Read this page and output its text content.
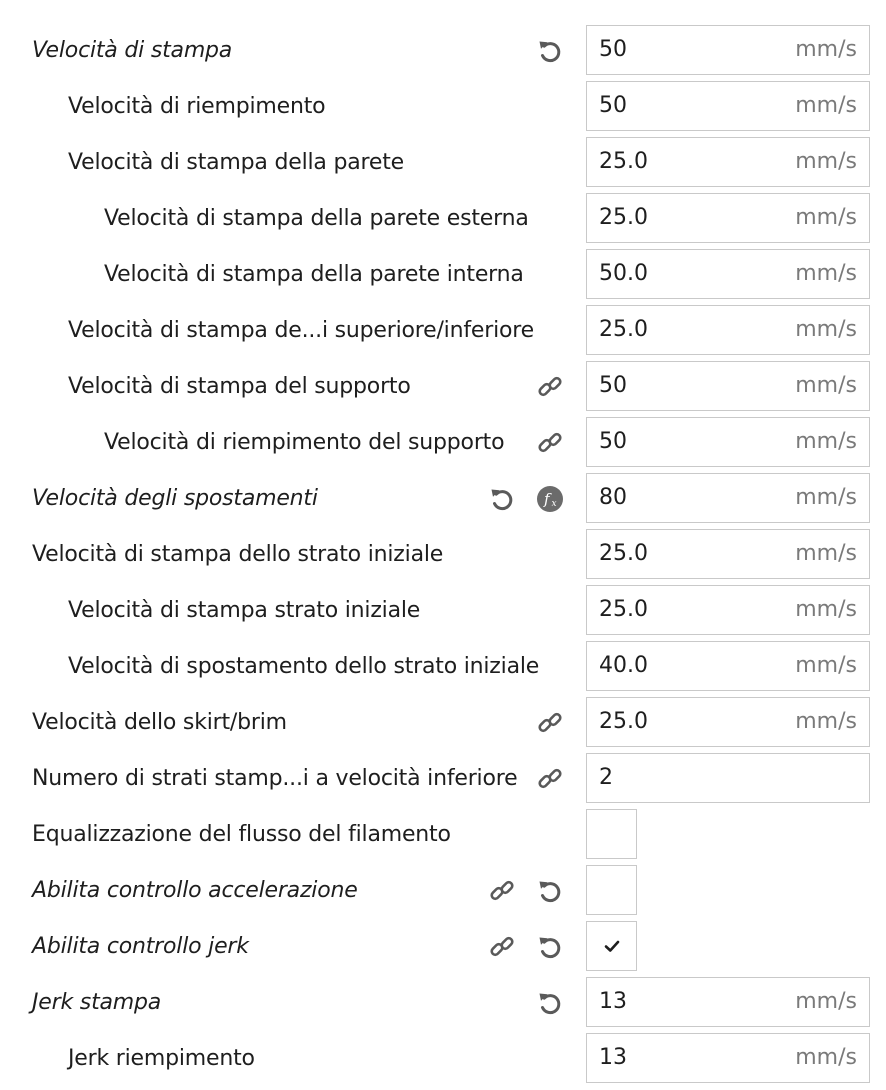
Velocità di stampa	50	mm/s
Velocità di riempimento	50	mm/s
Velocità di stampa della parete	25.0	mm/s
Velocità di stampa della parete esterna	25.0	mm/s
Velocità di stampa della parete interna	50.0	mm/s
Velocità di stampa de...i superiore/inferiore	25.0	mm/s
Velocità di stampa del supporto	50	mm/s
Velocità di riempimento del supporto	50	mm/s
Velocità degli spostamenti	f x 80	mm/s
Velocità di stampa dello strato iniziale	25.0	mm/s
Velocità di stampa strato iniziale	25.0	mm/s
Velocità di spostamento dello strato iniziale	40.0	mm/s
Velocità dello skirt/brim	25.0	mm/s
Numero di strati stamp...i a velocità inferiore	2
Equalizzazione del flusso del filamento
Abilita controllo accelerazione
Abilita controllo jerk
Jerk stampa	13	mm/s
Jerk riempimento	13	mm/s
